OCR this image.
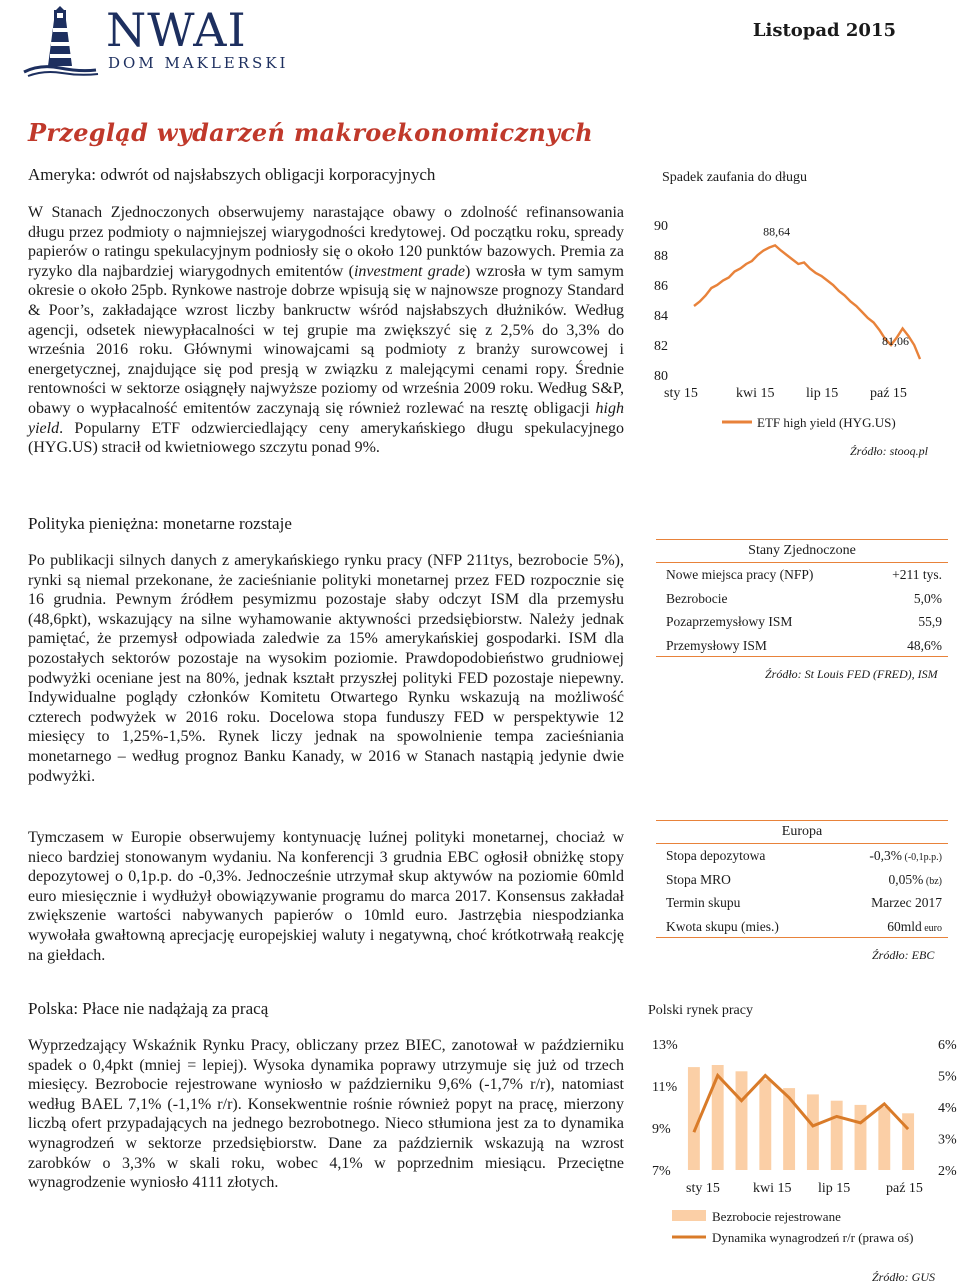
NWAI
DOM MAKLERSKI
Listopad 2015
Przegląd wydarzeń makroekonomicznych
Ameryka: odwrót od najsłabszych obligacji korporacyjnych
W Stanach Zjednoczonych obserwujemy narastające obawy o zdolność refinansowania długu przez podmioty o najmniejszej wiarygodności kredytowej. Od początku roku, spready papierów o ratingu spekulacyjnym podniosły się o około 120 punktów bazowych. Premia za ryzyko dla najbardziej wiarygodnych emitentów (investment grade) wzrosła w tym samym okresie o około 25pb. Rynkowe nastroje dobrze wpisują się w najnowsze prognozy Standard & Poor’s, zakładające wzrost liczby bankructw wśród najsłabszych dłużników. Według agencji, odsetek niewypłacalności w tej grupie ma zwiększyć się z 2,5% do 3,3% do września 2016 roku. Głównymi winowajcami są podmioty z branży surowcowej i energetycznej, znajdujące się pod presją w związku z malejącymi cenami ropy. Średnie rentowności w sektorze osiągnęły najwyższe poziomy od września 2009 roku. Według S&P, obawy o wypłacalność emitentów zaczynają się również rozlewać na resztę obligacji high yield. Popularny ETF odzwierciedlający ceny amerykańskiego długu spekulacyjnego (HYG.US) stracił od kwietniowego szczytu ponad 9%.
Spadek zaufania do długu
90
88
86
84
82
80
88,64
81,06
sty 15	kwi 15 lip 15 paź 15
ETF high yield (HYG.US)
Źródło: stooq.pl
Polityka pieniężna: monetarne rozstaje
Po publikacji silnych danych z amerykańskiego rynku pracy (NFP 211tys, bezrobocie 5%), rynki są niemal przekonane, że zacieśnianie polityki monetarnej przez FED rozpocznie się 16 grudnia. Pewnym źródłem pesymizmu pozostaje słaby odczyt ISM dla przemysłu (48,6pkt), wskazujący na silne wyhamowanie aktywności przedsiębiorstw. Należy jednak pamiętać, że przemysł odpowiada zaledwie za 15% amerykańskiej gospodarki. ISM dla pozostałych sektorów pozostaje na wysokim poziomie. Prawdopodobieństwo grudniowej podwyżki oceniane jest na 80%, jednak kształt przyszłej polityki FED pozostaje niepewny. Indywidualne poglądy członków Komitetu Otwartego Rynku wskazują na możliwość czterech podwyżek w 2016 roku. Docelowa stopa funduszy FED w perspektywie 12 miesięcy to 1,25%-1,5%. Rynek liczy jednak na spowolnienie tempa zacieśniania monetarnego – według prognoz Banku Kanady, w 2016 w Stanach nastąpią jedynie dwie podwyżki.
Tymczasem w Europie obserwujemy kontynuację luźnej polityki monetarnej, chociaż w nieco bardziej stonowanym wydaniu. Na konferencji 3 grudnia EBC ogłosił obniżkę stopy depozytowej o 0,1p.p. do -0,3%. Jednocześnie utrzymał skup aktywów na poziomie 60mld euro miesięcznie i wydłużył obowiązywanie programu do marca 2017. Konsensus zakładał zwiększenie wartości nabywanych papierów o 10mld euro. Jastrzębia niespodzianka wywołała gwałtowną aprecjację europejskiej waluty i negatywną, choć krótkotrwałą reakcję na giełdach.
Stany Zjednoczone
Nowe miejsca pracy (NFP)	+211 tys.
Bezrobocie	5,0%
Pozaprzemysłowy ISM	55,9
Przemysłowy ISM	48,6%
Źródło: St Louis FED (FRED), ISM
Europa
Stopa depozytowa	-0,3% (-0,1p.p.)
Stopa MRO	0,05% (bz)
Termin skupu	Marzec 2017
Kwota skupu (mies.)	60mld euro
Źródło: EBC
Polska: Płace nie nadążają za pracą
Wyprzedzający Wskaźnik Rynku Pracy, obliczany przez BIEC, zanotował w październiku spadek o 0,4pkt (mniej = lepiej). Wysoka dynamika poprawy utrzymuje się już od trzech miesięcy. Bezrobocie rejestrowane wyniosło w październiku 9,6% (-1,7% r/r), natomiast według BAEL 7,1% (-1,1% r/r). Konsekwentnie rośnie również popyt na pracę, mierzony liczbą ofert przypadających na jednego bezrobotnego. Nieco stłumiona jest za to dynamika wynagrodzeń w sektorze przedsiębiorstw. Dane za październik wskazują na wzrost zarobków o 3,3% w skali roku, wobec 4,1% w poprzednim miesiącu. Przeciętne wynagrodzenie wyniosło 4111 złotych.
Polski rynek pracy
13%
11%
9%
7%
6%
5%
4%
3%
2%
sty 15 kwi 15 lip 15	paź 15
Bezrobocie rejestrowane
Dynamika wynagrodzeń r/r (prawa oś)
Źródło: GUS
